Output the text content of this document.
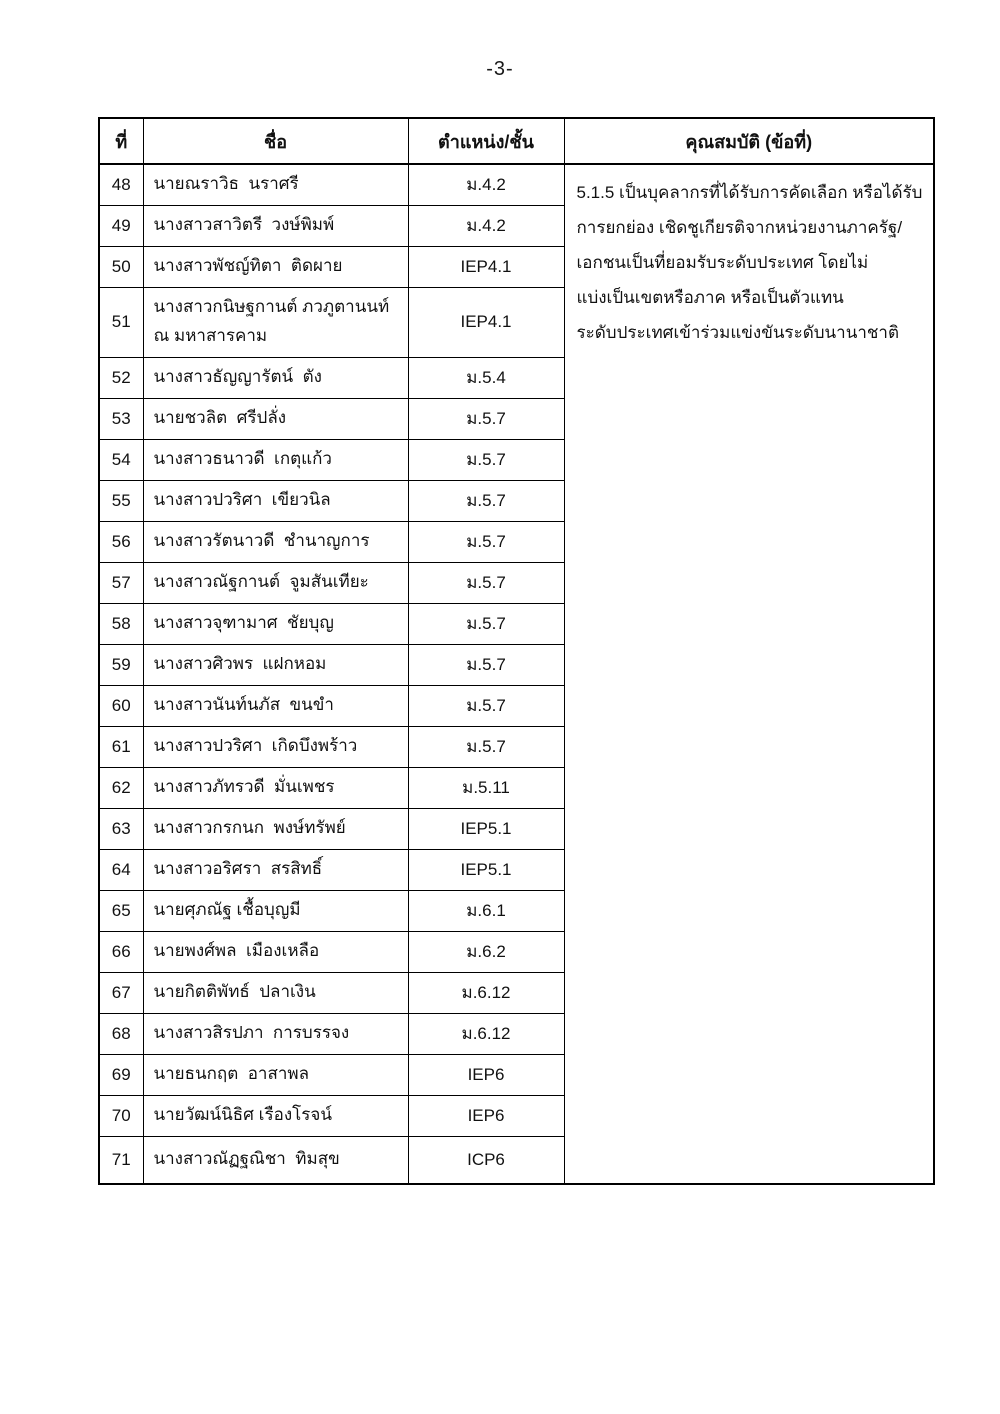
-3-
ที่	ชื่อ	ตำแหน่ง/ชั้น	คุณสมบัติ (ข้อที่)
48	นายณราวิธ  นราศรี	ม.4.2	5.1.5 เป็นบุคลากรที่ได้รับการคัดเลือก หรือได้รับ
การยกย่อง เชิดชูเกียรติจากหน่วยงานภาครัฐ/
เอกชนเป็นที่ยอมรับระดับประเทศ โดยไม่
แบ่งเป็นเขตหรือภาค หรือเป็นตัวแทน
ระดับประเทศเข้าร่วมแข่งขันระดับนานาชาติ

49	นางสาวสาวิตรี  วงษ์พิมพ์	ม.4.2	
50	นางสาวพัชญ์ทิตา  ติดผาย	IEP4.1	
51	นางสาวกนิษฐกานต์ ภวภูตานนท์ ณ มหาสารคาม	IEP4.1	
52	นางสาวธัญญารัตน์  ตัง	ม.5.4	
53	นายชวลิต  ศรีปลั่ง	ม.5.7	
54	นางสาวธนาวดี  เกตุแก้ว	ม.5.7	
55	นางสาวปวริศา  เขียวนิล	ม.5.7	
56	นางสาวรัตนาวดี  ชำนาญการ	ม.5.7	
57	นางสาวณัฐกานต์  จูมสันเทียะ	ม.5.7	
58	นางสาวจุฑามาศ  ชัยบุญ	ม.5.7	
59	นางสาวศิวพร  แฝกหอม	ม.5.7	
60	นางสาวนันท์นภัส  ขนขำ	ม.5.7	
61	นางสาวปวริศา  เกิดบึงพร้าว	ม.5.7	
62	นางสาวภัทรวดี  มั่นเพชร	ม.5.11	
63	นางสาวกรกนก  พงษ์ทรัพย์	IEP5.1	
64	นางสาวอริศรา  สรสิทธิ์	IEP5.1	
65	นายศุภณัฐ เชื้อบุญมี	ม.6.1	
66	นายพงศ์พล  เมืองเหลือ	ม.6.2	
67	นายกิตติพัทธ์  ปลาเงิน	ม.6.12	
68	นางสาวสิรปภา  การบรรจง	ม.6.12	
69	นายธนกฤต  อาสาพล	IEP6	
70	นายวัฒน์นิธิศ เรืองโรจน์	IEP6	
71	นางสาวณัฏฐณิชา  ทิมสุข	ICP6	
